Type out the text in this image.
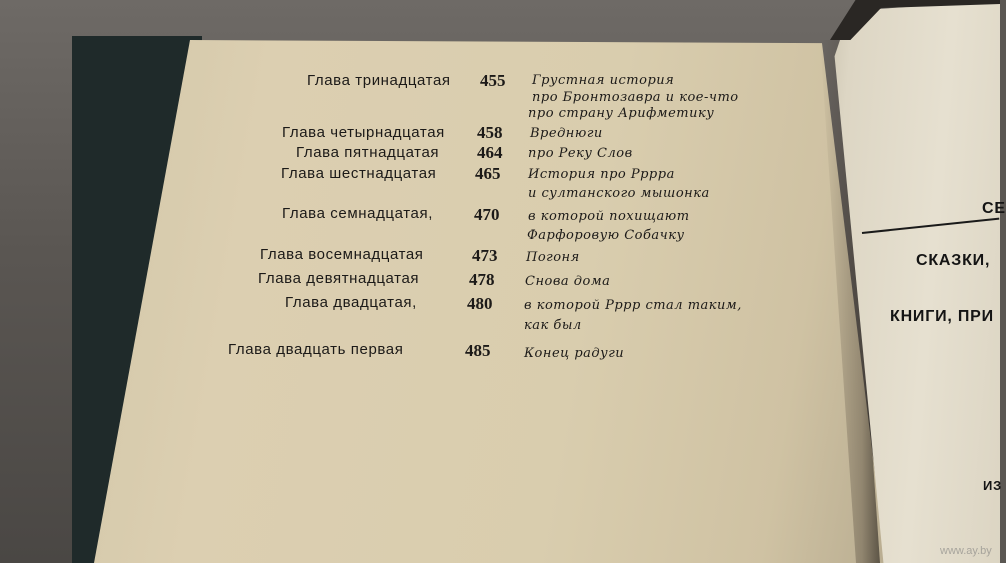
Глава тринадцатая 455 Грустная история
про Бронтозавра и кое-что
про страну Арифметику
Глава четырнадцатая 458 Вреднюги
Глава пятнадцатая 464 про Реку Слов
Глава шестнадцатая 465 История про Рррра
и султанского мышонка
Глава семнадцатая, 470 в которой похищают
Фарфоровую Собачку
Глава восемнадцатая	473 Погоня
Глава девятнадцатая	478 Снова дома
Глава двадцатая,	480 в которой Рррр стал таким,
как был
Глава двадцать первая	485	Конец радуги
СЕ
СКАЗКИ,
КНИГИ, ПРИ
ИЗ
www.ay.by
